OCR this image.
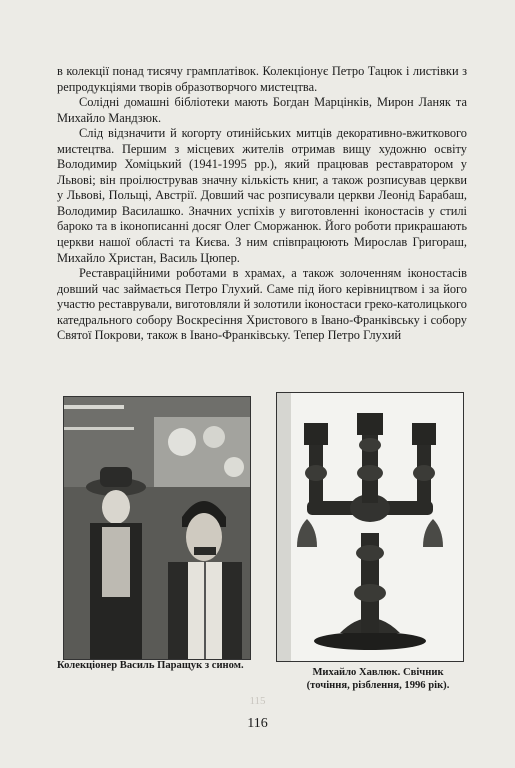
в колекції понад тисячу грамплатівок. Колекціонує Петро Тацюк і листівки з репродукціями творів образотворчого мистецтва.

Солідні домашні бібліотеки мають Богдан Марцінків, Мирон Ланяк та Михайло Мандзюк.

Слід відзначити й когорту отинійських митців декоративно-вжиткового мистецтва. Першим з місцевих жителів отримав вищу художню освіту Володимир Хоміцький (1941-1995 рр.), який працював реставратором у Львові; він проілюстрував значну кількість книг, а також розписував церкви у Львові, Польщі, Австрії. Довший час розписували церкви Леонід Барабаш, Володимир Василашко. Значних успіхів у виготовленні іконостасів у стилі бароко та в іконописанні досяг Олег Сморжанюк. Його роботи прикрашають церкви нашої області та Києва. З ним співпрацюють Мирослав Григораш, Михайло Христан, Василь Цюпер.

Реставраційними роботами в храмах, а також золоченням іконостасів довший час займається Петро Глухий. Саме під його керівництвом і за його участю реставрували, виготовляли й золотили іконостаси греко-католицького катедрального собору Воскресіння Христового в Івано-Франківську і собору Святої Покрови, також в Івано-Франківську. Тепер Петро Глухий

Колекціонер Василь Паращук з сином.
Михайло Хавлюк. Свічник
(точіння, різблення, 1996 рік).
115
116
